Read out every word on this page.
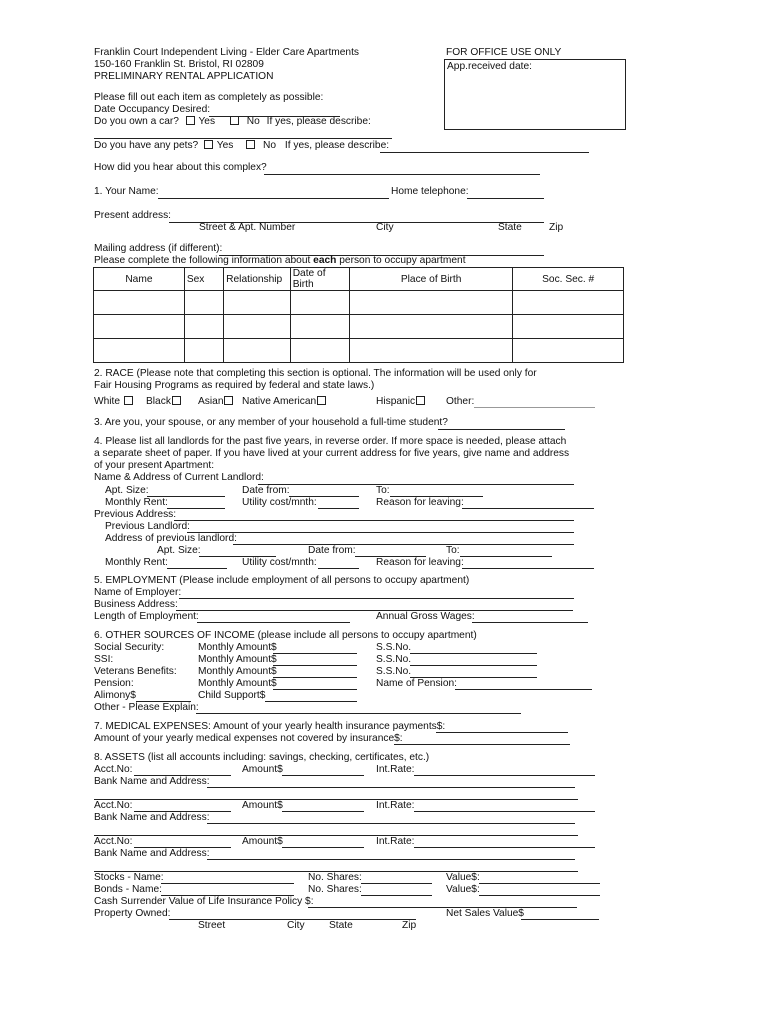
Franklin Court Independent Living - Elder Care Apartments
150-160 Franklin St. Bristol, RI 02809
PRELIMINARY RENTAL APPLICATION
FOR OFFICE USE ONLY
App.received date:
Please fill out each item as completely as possible:
Date Occupancy Desired:
Do you own a car? Yes	No If yes, please describe:
Do you have any pets? Yes	No If yes, please describe:
How did you hear about this complex?
1. Your Name:	Home telephone:
Present address:
Street & Apt. Number	City	State	Zip
Mailing address (if different):
Please complete the following information about each person to occupy apartment
Name	Sex	Relationship	Date of Birth	Place of Birth	Soc. Sec. #

2. RACE (Please note that completing this section is optional. The information will be used only for
Fair Housing Programs as required by federal and state laws.)
White	Black	Asian	Native American	Hispanic	Other:
3. Are you, your spouse, or any member of your household a full-time student?
4. Please list all landlords for the past five years, in reverse order. If more space is needed, please attach
a separate sheet of paper. If you have lived at your current address for five years, give name and address
of your present Apartment:
Name & Address of Current Landlord:
Apt. Size:	Date from:	To:
Monthly Rent:	Utility cost/mnth:	Reason for leaving:
Previous Address:
Previous Landlord:
Address of previous landlord:
Apt. Size:	Date from:	To:
Monthly Rent:	Utility cost/mnth:	Reason for leaving:
5. EMPLOYMENT (Please include employment of all persons to occupy apartment)
Name of Employer:
Business Address:
Length of Employment:	Annual Gross Wages:
6. OTHER SOURCES OF INCOME (please include all persons to occupy apartment)
Social Security:	Monthly Amount$	S.S.No.
SSI:	Monthly Amount$	S.S.No.
Veterans Benefits: Monthly Amount$	S.S.No.
Pension:	Monthly Amount$	Name of Pension:
Alimony$	Child Support$
Other - Please Explain:
7. MEDICAL EXPENSES: Amount of your yearly health insurance payments$:
Amount of your yearly medical expenses not covered by insurance$:
8. ASSETS (list all accounts including: savings, checking, certificates, etc.)
Acct.No:	Amount$	Int.Rate:
Bank Name and Address:
Acct.No:	Amount$	Int.Rate:
Bank Name and Address:
Acct.No:	Amount$	Int.Rate:
Bank Name and Address:
Stocks - Name:	No. Shares:	Value$:
Bonds - Name:	No. Shares:	Value$:
Cash Surrender Value of Life Insurance Policy $:
Property Owned:	Net Sales Value$
Street	City State	Zip
